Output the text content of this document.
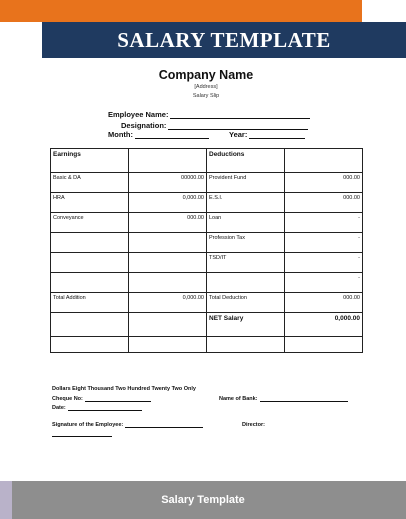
SALARY TEMPLATE
Company Name
[Address]
Salary Slip
Employee Name:
Designation:
Month:	Year:
Earnings		Deductions	
Basic & DA	00000.00	Provident Fund	000.00
HRA	0,000.00	E.S.I.	000.00
Conveyance	000.00	Loan	-
		Profession Tax	-
		TSD/IT	-
			-
Total Addition	0,000.00	Total Deduction	000.00
		NET Salary	0,000.00

Dollars Eight Thousand Two Hundred Twenty Two Only
Cheque No:	Name of Bank:
Date:
Signature of the Employee:	Director:
Salary Template
